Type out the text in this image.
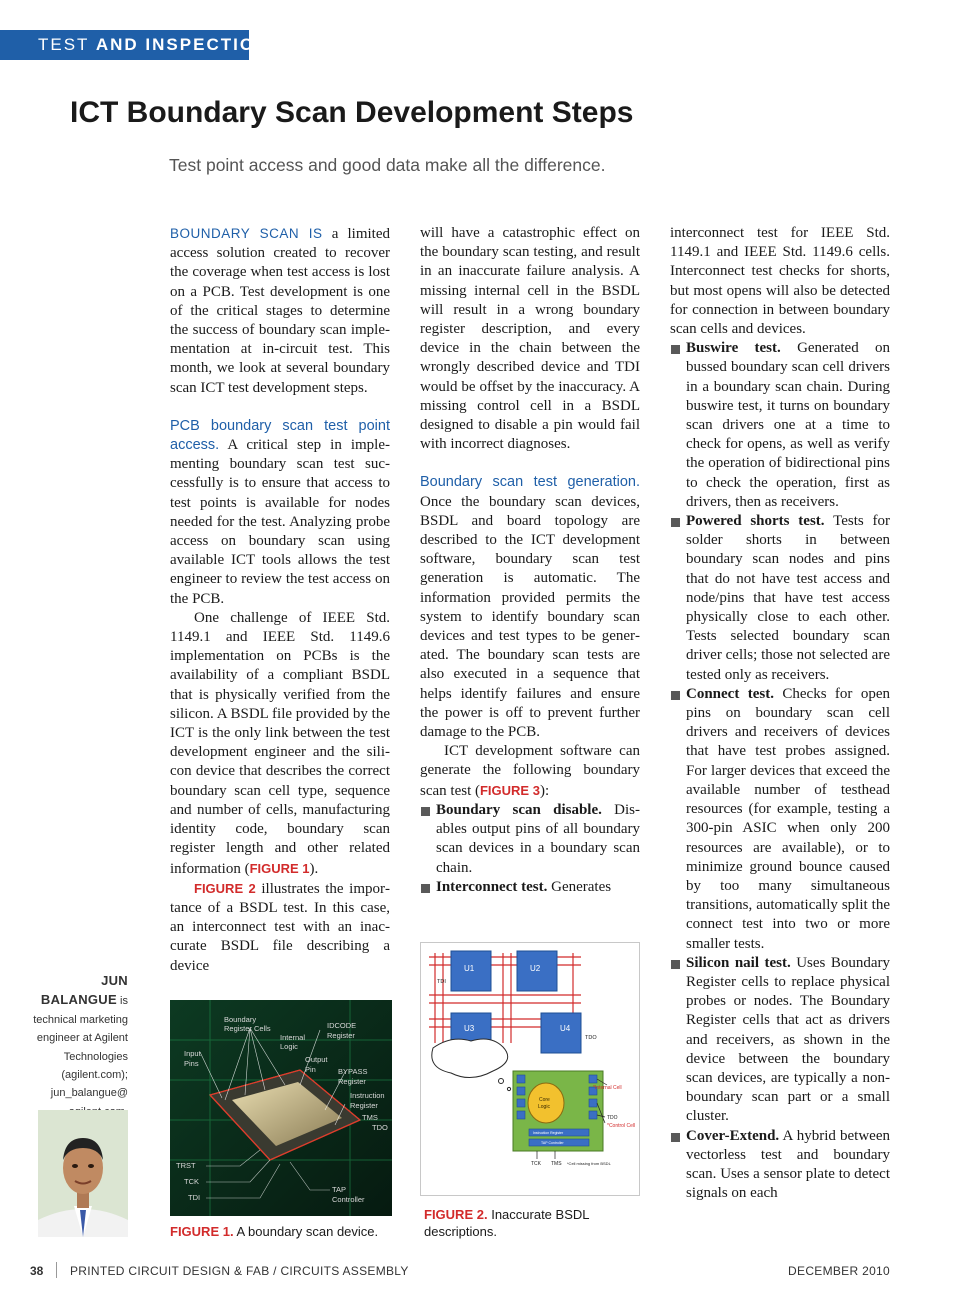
TEST AND INSPECTION
ICT Boundary Scan Development Steps
Test point access and good data make all the difference.

BOUNDARY SCAN IS a limited access solution created to recover the coverage when test access is lost on a PCB. Test development is one of the critical stages to determine the success of boundary scan implementation at in-circuit test. This month, we look at several boundary scan ICT test development steps.

PCB boundary scan test point access. A critical step in implementing boundary scan test successfully is to ensure that access to test points is available for nodes needed for the test. Analyzing probe access on boundary scan using available ICT tools allows the test engineer to review the test access on the PCB.

One challenge of IEEE Std. 1149.1 and IEEE Std. 1149.6 implementation on PCBs is the availability of a compliant BSDL that is physically verified from the silicon. A BSDL file provided by the ICT is the only link between the test development engineer and the silicon device that describes the correct boundary scan cell type, sequence and number of cells, manufacturing identity code, boundary scan register length and other related information (FIGURE 1).

FIGURE 2 illustrates the importance of a BSDL test. In this case, an interconnect test with an inaccurate BSDL file describing a device

will have a catastrophic effect on the boundary scan testing, and result in an inaccurate failure analysis. A missing internal cell in the BSDL will result in a wrong boundary register description, and every device in the chain between the wrongly described device and TDI would be offset by the inaccuracy. A missing control cell in a BSDL designed to disable a pin would fail with incorrect diagnoses.

Boundary scan test generation. Once the boundary scan devices, BSDL and board topology are described to the ICT development software, boundary scan test generation is automatic. The information provided permits the system to identify boundary scan devices and test types to be generated. The boundary scan tests are also executed in a sequence that helps identify failures and ensure the power is off to prevent further damage to the PCB.

ICT development software can generate the following boundary scan test (FIGURE 3):

Boundary scan disable. Disables output pins of all boundary scan devices in a boundary scan chain.
Interconnect test. Generates

interconnect test for IEEE Std. 1149.1 and IEEE Std. 1149.6 cells. Interconnect test checks for shorts, but most opens will also be detected for connection in between boundary scan cells and devices.

Buswire test. Generated on bussed boundary scan cell drivers in a boundary scan chain. During buswire test, it turns on boundary scan drivers one at a time to check for opens, as well as verify the operation of bidirectional pins to check the operation, first as drivers, then as receivers.
Powered shorts test. Tests for solder shorts in between boundary scan nodes and pins that do not have test access and node/pins that have test access physically close to each other. Tests selected boundary scan driver cells; those not selected are tested only as receivers.
Connect test. Checks for open pins on boundary scan cell drivers and receivers of devices that have test probes assigned. For larger devices that exceed the available number of testhead resources (for example, testing a 300-pin ASIC when only 200 resources are available), or to minimize ground bounce caused by too many simultaneous transitions, automatically split the connect test into two or more smaller tests.
Silicon nail test. Uses Boundary Register cells to replace physical probes or nodes. The Boundary Register cells that act as drivers and receivers, as shown in the device between the boundary scan devices, are typically a non-boundary scan part or a small cluster.
Cover-Extend. A hybrid between vectorless test and boundary scan. Uses a sensor plate to detect signals on each
JUN BALANGUE is
technical marketing
engineer at Agilent
Technologies
(agilent.com);
jun_balangue@
Boundary
Register Cells
Internal
Logic
IDCODE
Register
Input
Pins	Output
Pin	BYPASS
Register
Instruction
Register
TMS
TDO
TRST
TCK
TDI
TAP
Controller
FIGURE 1. A boundary scan device.
U1	U2
U3	U4
TDI
TDO
Core
Logic
Instruction Register
TAP Controller
*Internal Cell
*Control Cell
TDO
TCK TMS *Cell missing from BSDL
FIGURE 2. Inaccurate BSDL descriptions.
38 PRINTED CIRCUIT DESIGN & FAB / CIRCUITS ASSEMBLY	DECEMBER 2010
